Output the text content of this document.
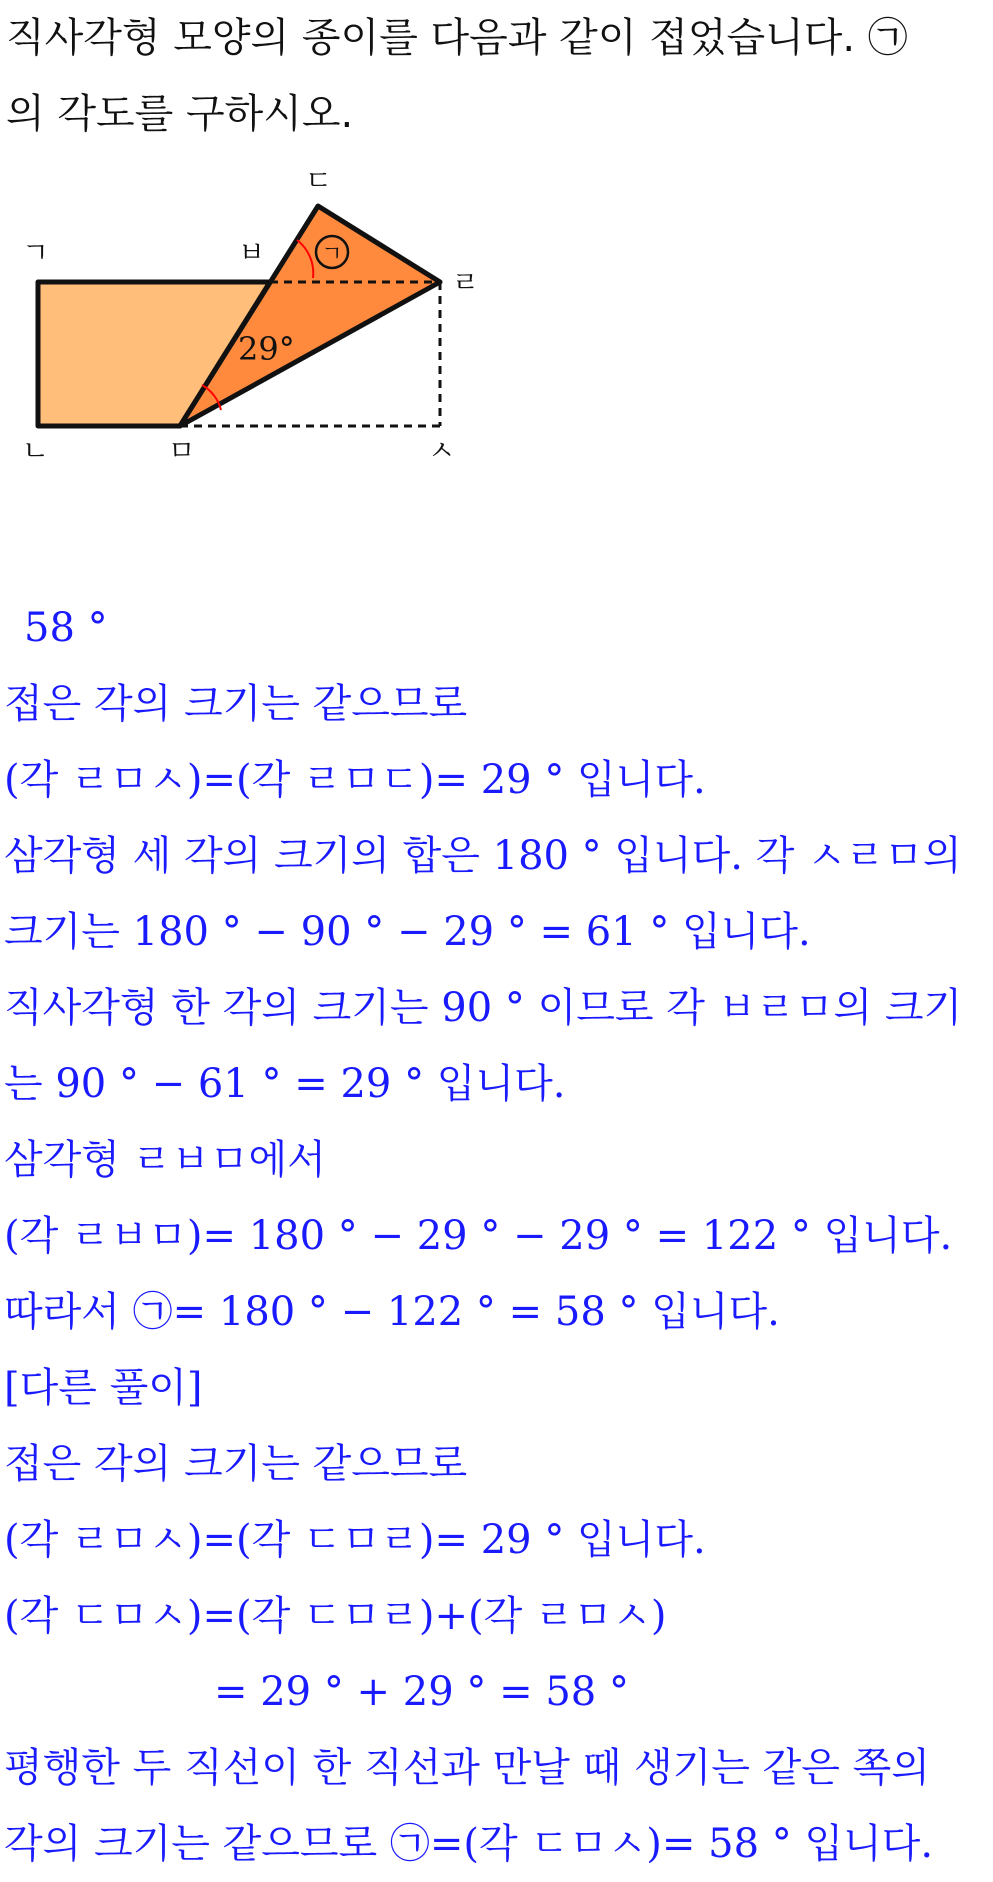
직사각형 모양의 종이를 다음과 같이 접었습니다. ㉠
의 각도를 구하시오.
ㄱ
29°
ㄱ
ㄴ
ㄷ
ㄹ
ㅁ
ㅂ
ㅅ
58 °
접은 각의 크기는 같으므로
(각 ㄹㅁㅅ)=(각 ㄹㅁㄷ)= 29 ° 입니다.
삼각형 세 각의 크기의 합은 180 ° 입니다. 각 ㅅㄹㅁ의
크기는 180 ° − 90 ° − 29 ° = 61 ° 입니다.
직사각형 한 각의 크기는 90 ° 이므로 각 ㅂㄹㅁ의 크기
는 90 ° − 61 ° = 29 ° 입니다.
삼각형 ㄹㅂㅁ에서
(각 ㄹㅂㅁ)= 180 ° − 29 ° − 29 ° = 122 ° 입니다.
따라서 ㉠= 180 ° − 122 ° = 58 ° 입니다.
[다른 풀이]
접은 각의 크기는 같으므로
(각 ㄹㅁㅅ)=(각 ㄷㅁㄹ)= 29 ° 입니다.
(각 ㄷㅁㅅ)=(각 ㄷㅁㄹ)+(각 ㄹㅁㅅ)
= 29 ° + 29 ° = 58 °
평행한 두 직선이 한 직선과 만날 때 생기는 같은 쪽의
각의 크기는 같으므로 ㉠=(각 ㄷㅁㅅ)= 58 ° 입니다.
